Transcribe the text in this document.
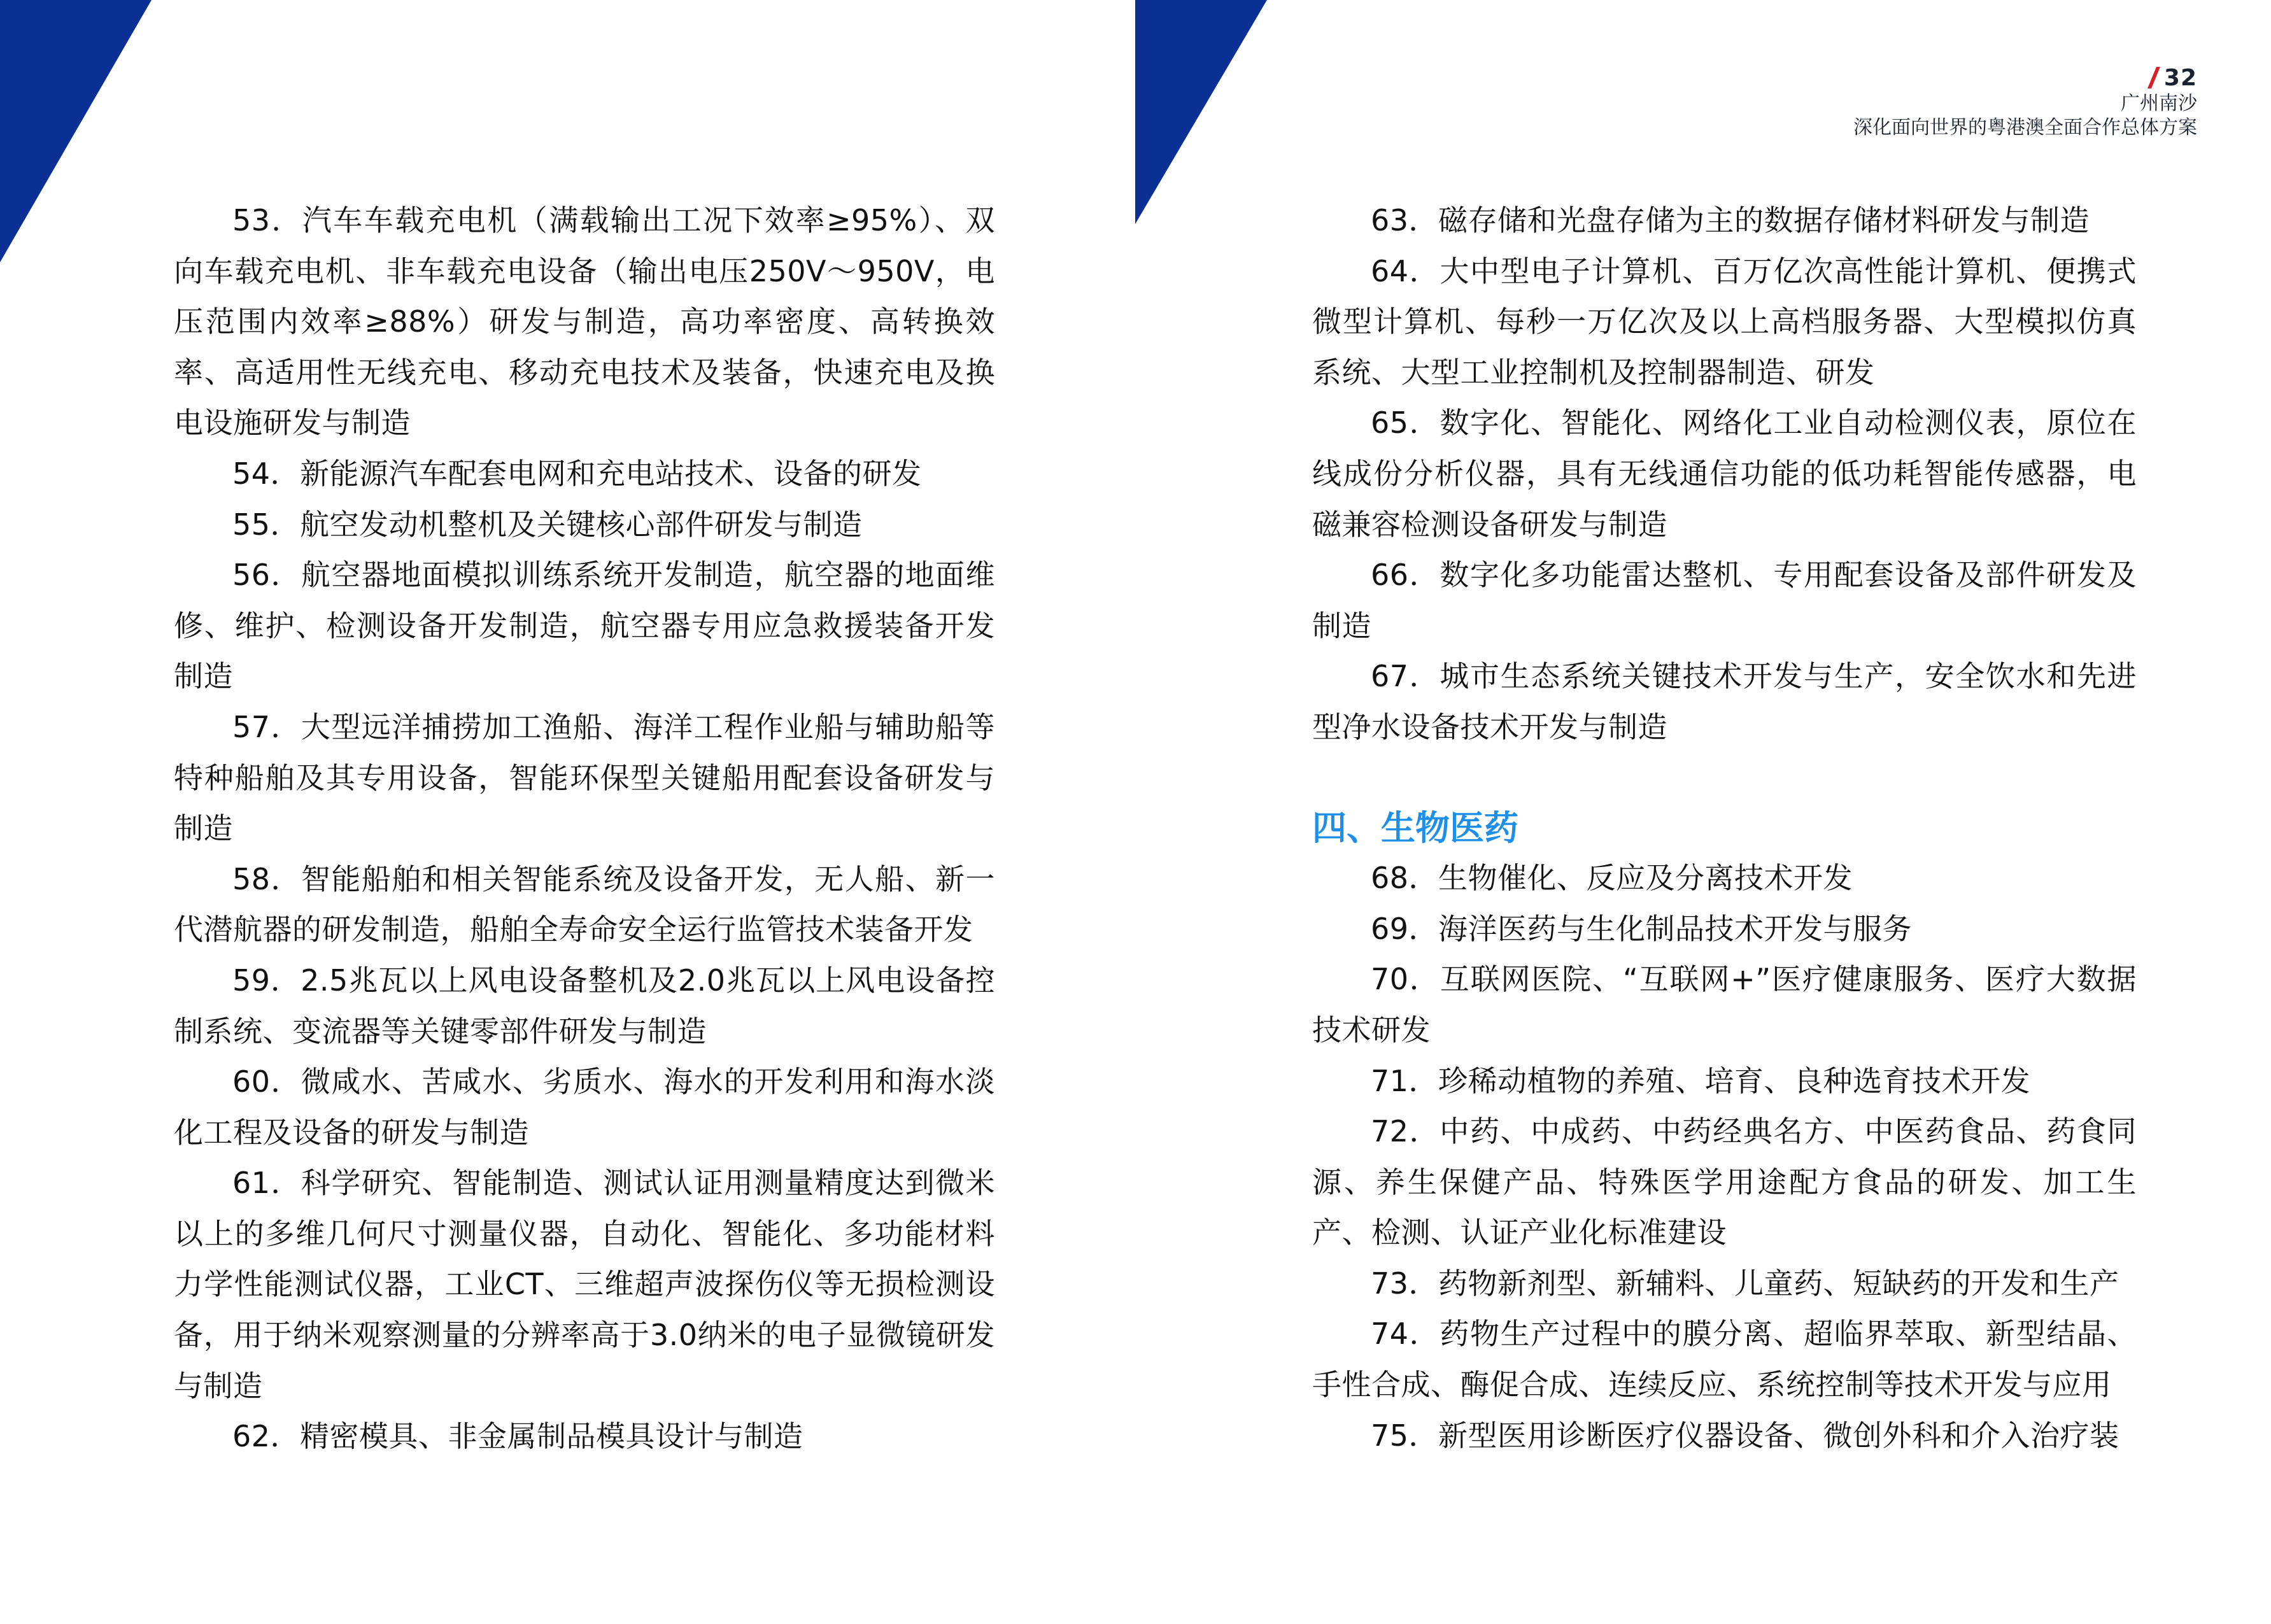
53．汽车车载充电机（满载输出工况下效率≥95%）、双向车载充电机、非车载充电设备（输出电压250V～950V，电压范围内效率≥88%）研发与制造，高功率密度、高转换效率、高适用性无线充电、移动充电技术及装备，快速充电及换电设施研发与制造

54．新能源汽车配套电网和充电站技术、设备的研发

55．航空发动机整机及关键核心部件研发与制造

56．航空器地面模拟训练系统开发制造，航空器的地面维修、维护、检测设备开发制造，航空器专用应急救援装备开发制造

57．大型远洋捕捞加工渔船、海洋工程作业船与辅助船等特种船舶及其专用设备，智能环保型关键船用配套设备研发与制造

58．智能船舶和相关智能系统及设备开发，无人船、新一代潜航器的研发制造，船舶全寿命安全运行监管技术装备开发

59．2.5兆瓦以上风电设备整机及2.0兆瓦以上风电设备控制系统、变流器等关键零部件研发与制造

60．微咸水、苦咸水、劣质水、海水的开发利用和海水淡化工程及设备的研发与制造

61．科学研究、智能制造、测试认证用测量精度达到微米以上的多维几何尺寸测量仪器，自动化、智能化、多功能材料力学性能测试仪器，工业CT、三维超声波探伤仪等无损检测设备，用于纳米观察测量的分辨率高于3.0纳米的电子显微镜研发与制造

62．精密模具、非金属制品模具设计与制造

32
广州南沙
深化面向世界的粤港澳全面合作总体方案

63．磁存储和光盘存储为主的数据存储材料研发与制造

64．大中型电子计算机、百万亿次高性能计算机、便携式微型计算机、每秒一万亿次及以上高档服务器、大型模拟仿真系统、大型工业控制机及控制器制造、研发

65．数字化、智能化、网络化工业自动检测仪表，原位在线成份分析仪器，具有无线通信功能的低功耗智能传感器，电磁兼容检测设备研发与制造

66．数字化多功能雷达整机、专用配套设备及部件研发及制造

67．城市生态系统关键技术开发与生产，安全饮水和先进型净水设备技术开发与制造

四、生物医药

68．生物催化、反应及分离技术开发

69．海洋医药与生化制品技术开发与服务

70．互联网医院、“互联网+”医疗健康服务、医疗大数据技术研发

71．珍稀动植物的养殖、培育、良种选育技术开发

72．中药、中成药、中药经典名方、中医药食品、药食同源、养生保健产品、特殊医学用途配方食品的研发、加工生产、检测、认证产业化标准建设

73．药物新剂型、新辅料、儿童药、短缺药的开发和生产

74．药物生产过程中的膜分离、超临界萃取、新型结晶、手性合成、酶促合成、连续反应、系统控制等技术开发与应用

75．新型医用诊断医疗仪器设备、微创外科和介入治疗装
